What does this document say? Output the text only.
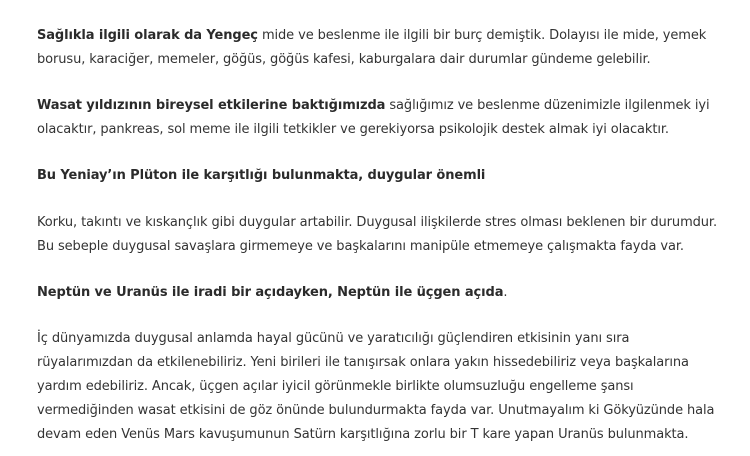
Sağlıkla ilgili olarak da Yengeç mide ve beslenme ile ilgili bir burç demiştik. Dolayısı ile mide, yemek borusu, karaciğer, memeler, göğüs, göğüs kafesi, kaburgalara dair durumlar gündeme gelebilir.

Wasat yıldızının bireysel etkilerine baktığımızda sağlığımız ve beslenme düzenimizle ilgilenmek iyi olacaktır, pankreas, sol meme ile ilgili tetkikler ve gerekiyorsa psikolojik destek almak iyi olacaktır.

Bu Yeniay’ın Plüton ile karşıtlığı bulunmakta, duygular önemli

Korku, takıntı ve kıskançlık gibi duygular artabilir. Duygusal ilişkilerde stres olması beklenen bir durumdur. Bu sebeple duygusal savaşlara girmemeye ve başkalarını manipüle etmemeye çalışmakta fayda var.

Neptün ve Uranüs ile iradi bir açıdayken, Neptün ile üçgen açıda.

İç dünyamızda duygusal anlamda hayal gücünü ve yaratıcılığı güçlendiren etkisinin yanı sıra rüyalarımızdan da etkilenebiliriz. Yeni birileri ile tanışırsak onlara yakın hissedebiliriz veya başkalarına yardım edebiliriz. Ancak, üçgen açılar iyicil görünmekle birlikte olumsuzluğu engelleme şansı vermediğinden wasat etkisini de göz önünde bulundurmakta fayda var. Unutmayalım ki Gökyüzünde hala devam eden Venüs Mars kavuşumunun Satürn karşıtlığına zorlu bir T kare yapan Uranüs bulunmakta.
